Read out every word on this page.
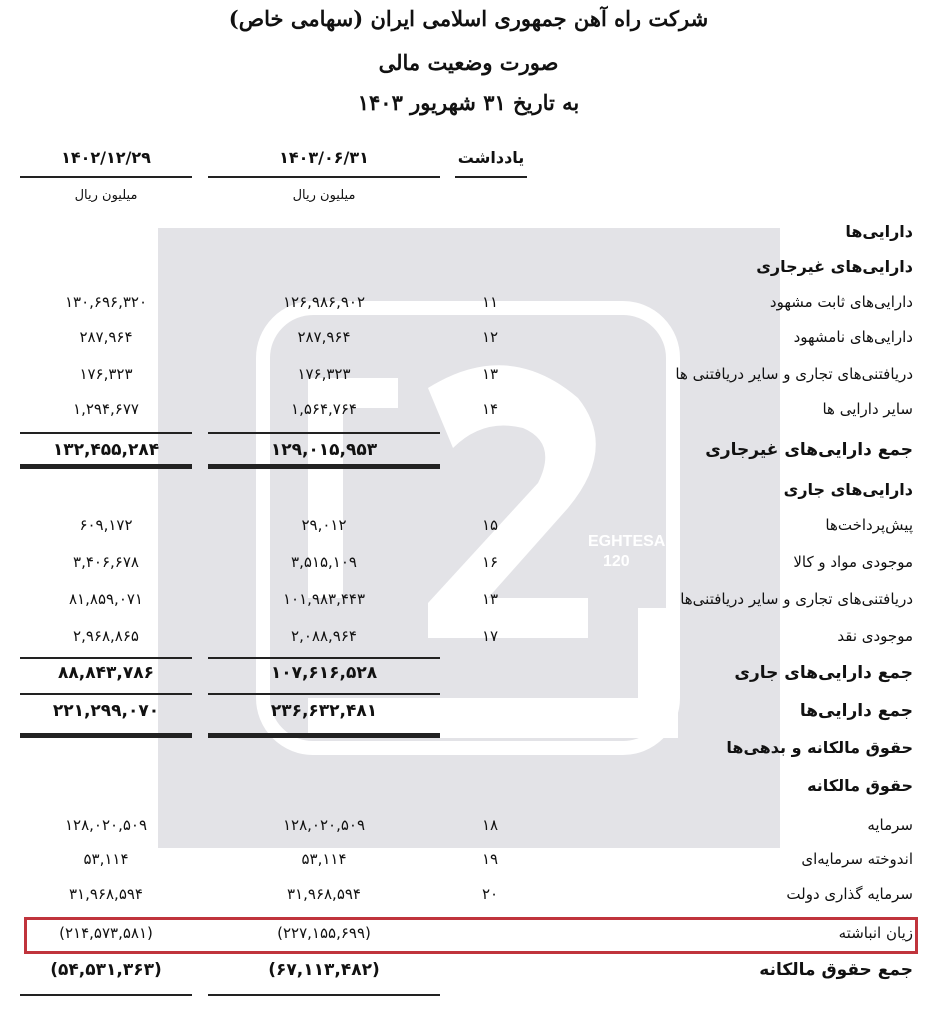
EGHTESAD
120
شرکت راه آهن جمهوری اسلامی ایران (سهامی خاص)
صورت وضعیت مالی
به تاریخ ۳۱ شهریور ۱۴۰۳
۱۴۰۲/۱۲/۲۹	۱۴۰۳/۰۶/۳۱	یادداشت
میلیون ریال	میلیون ریال
دارایی‌ها
دارایی‌های غیرجاری
۱۳۰,۶۹۶,۳۲۰	۱۲۶,۹۸۶,۹۰۲	۱۱	دارایی‌های ثابت مشهود
۲۸۷,۹۶۴	۲۸۷,۹۶۴	۱۲	دارایی‌های نامشهود
۱۷۶,۳۲۳	۱۷۶,۳۲۳	۱۳	دریافتنی‌های تجاری و سایر دریافتنی ها
۱,۲۹۴,۶۷۷	۱,۵۶۴,۷۶۴	۱۴	سایر دارایی ها
۱۳۲,۴۵۵,۲۸۴	۱۲۹,۰۱۵,۹۵۳	جمع دارایی‌های غیرجاری
دارایی‌های جاری
۶۰۹,۱۷۲	۲۹,۰۱۲	۱۵	پیش‌پرداخت‌ها
۳,۴۰۶,۶۷۸	۳,۵۱۵,۱۰۹	۱۶	موجودی مواد و کالا
۸۱,۸۵۹,۰۷۱	۱۰۱,۹۸۳,۴۴۳	۱۳	دریافتنی‌های تجاری و سایر دریافتنی‌ها
۲,۹۶۸,۸۶۵	۲,۰۸۸,۹۶۴	۱۷	موجودی نقد
۸۸,۸۴۳,۷۸۶	۱۰۷,۶۱۶,۵۲۸	جمع دارایی‌های جاری
۲۲۱,۲۹۹,۰۷۰	۲۳۶,۶۳۲,۴۸۱	جمع دارایی‌ها
حقوق مالکانه و بدهی‌ها
حقوق مالکانه
۱۲۸,۰۲۰,۵۰۹	۱۲۸,۰۲۰,۵۰۹	۱۸	سرمایه
۵۳,۱۱۴	۵۳,۱۱۴	۱۹	اندوخته سرمایه‌ای
۳۱,۹۶۸,۵۹۴	۳۱,۹۶۸,۵۹۴	۲۰	سرمایه گذاری دولت
(۲۱۴,۵۷۳,۵۸۱)	(۲۲۷,۱۵۵,۶۹۹)	زیان انباشته
(۵۴,۵۳۱,۳۶۳)	(۶۷,۱۱۳,۴۸۲)	جمع حقوق مالکانه
